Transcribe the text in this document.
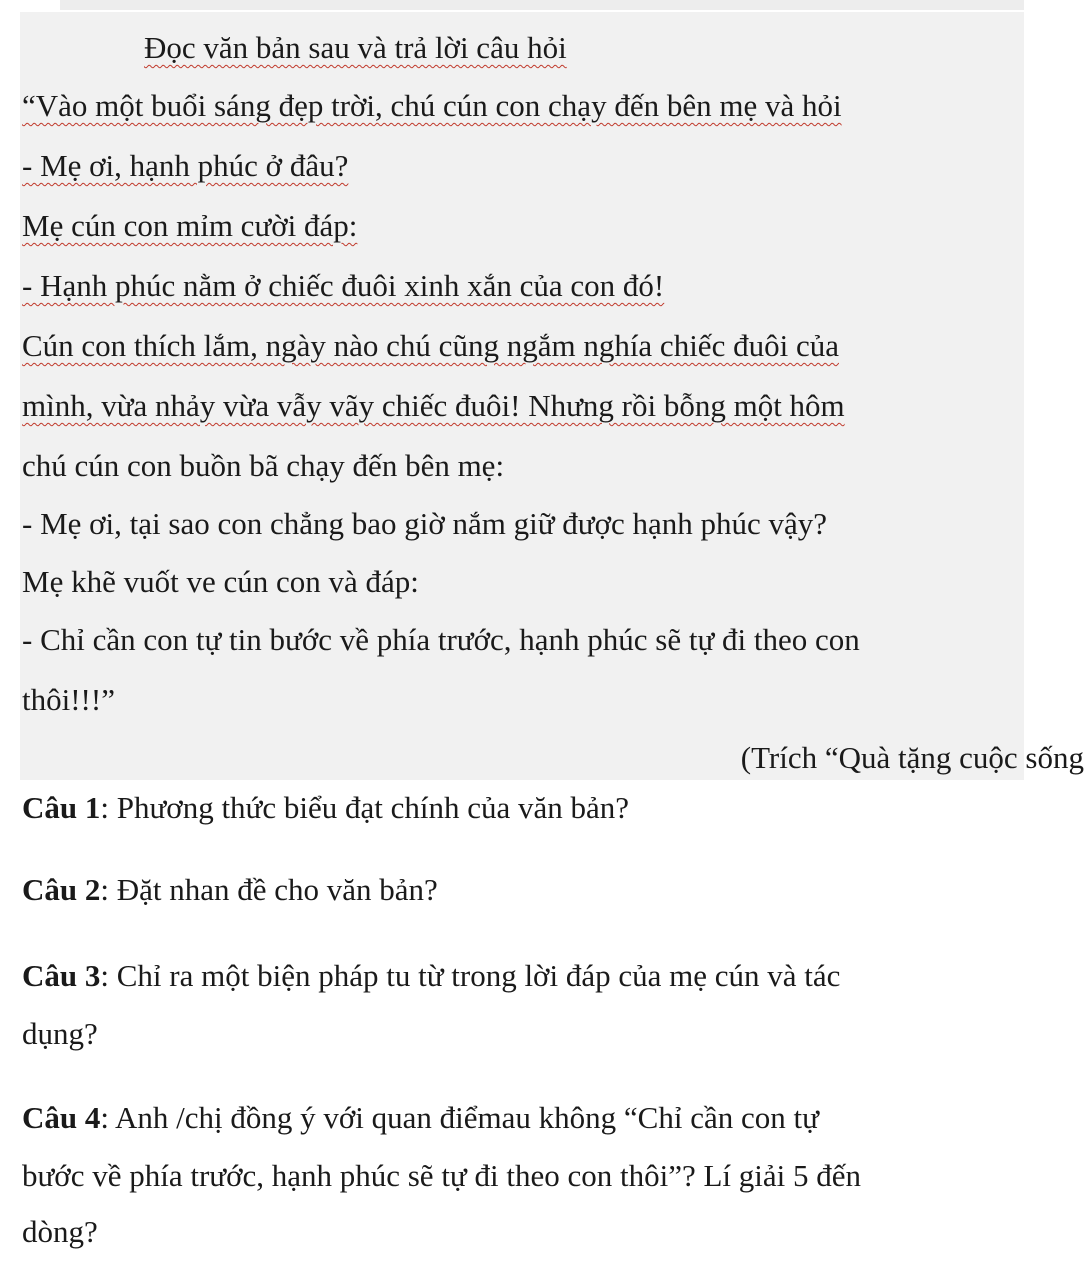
Đọc văn bản sau và trả lời câu hỏi
“Vào một buổi sáng đẹp trời, chú cún con chạy đến bên mẹ và hỏi
- Mẹ ơi, hạnh phúc ở đâu?
Mẹ cún con mỉm cười đáp:
- Hạnh phúc nằm ở chiếc đuôi xinh xắn của con đó!
Cún con thích lắm, ngày nào chú cũng ngắm nghía chiếc đuôi của
mình, vừa nhảy vừa vẫy vãy chiếc đuôi! Nhưng rồi bỗng một hôm
chú cún con buồn bã chạy đến bên mẹ:
- Mẹ ơi, tại sao con chẳng bao giờ nắm giữ được hạnh phúc vậy?
Mẹ khẽ vuốt ve cún con và đáp:
- Chỉ cần con tự tin bước về phía trước, hạnh phúc sẽ tự đi theo con
thôi!!!”
(Trích “Quà tặng cuộc sống
Câu 1: Phương thức biểu đạt chính của văn bản?
Câu 2: Đặt nhan đề cho văn bản?
Câu 3: Chỉ ra một biện pháp tu từ trong lời đáp của mẹ cún và tác
dụng?
Câu 4: Anh /chị đồng ý với quan điểmau không “Chỉ cần con tự
bước về phía trước, hạnh phúc sẽ tự đi theo con thôi”? Lí giải 5 đến
dòng?
